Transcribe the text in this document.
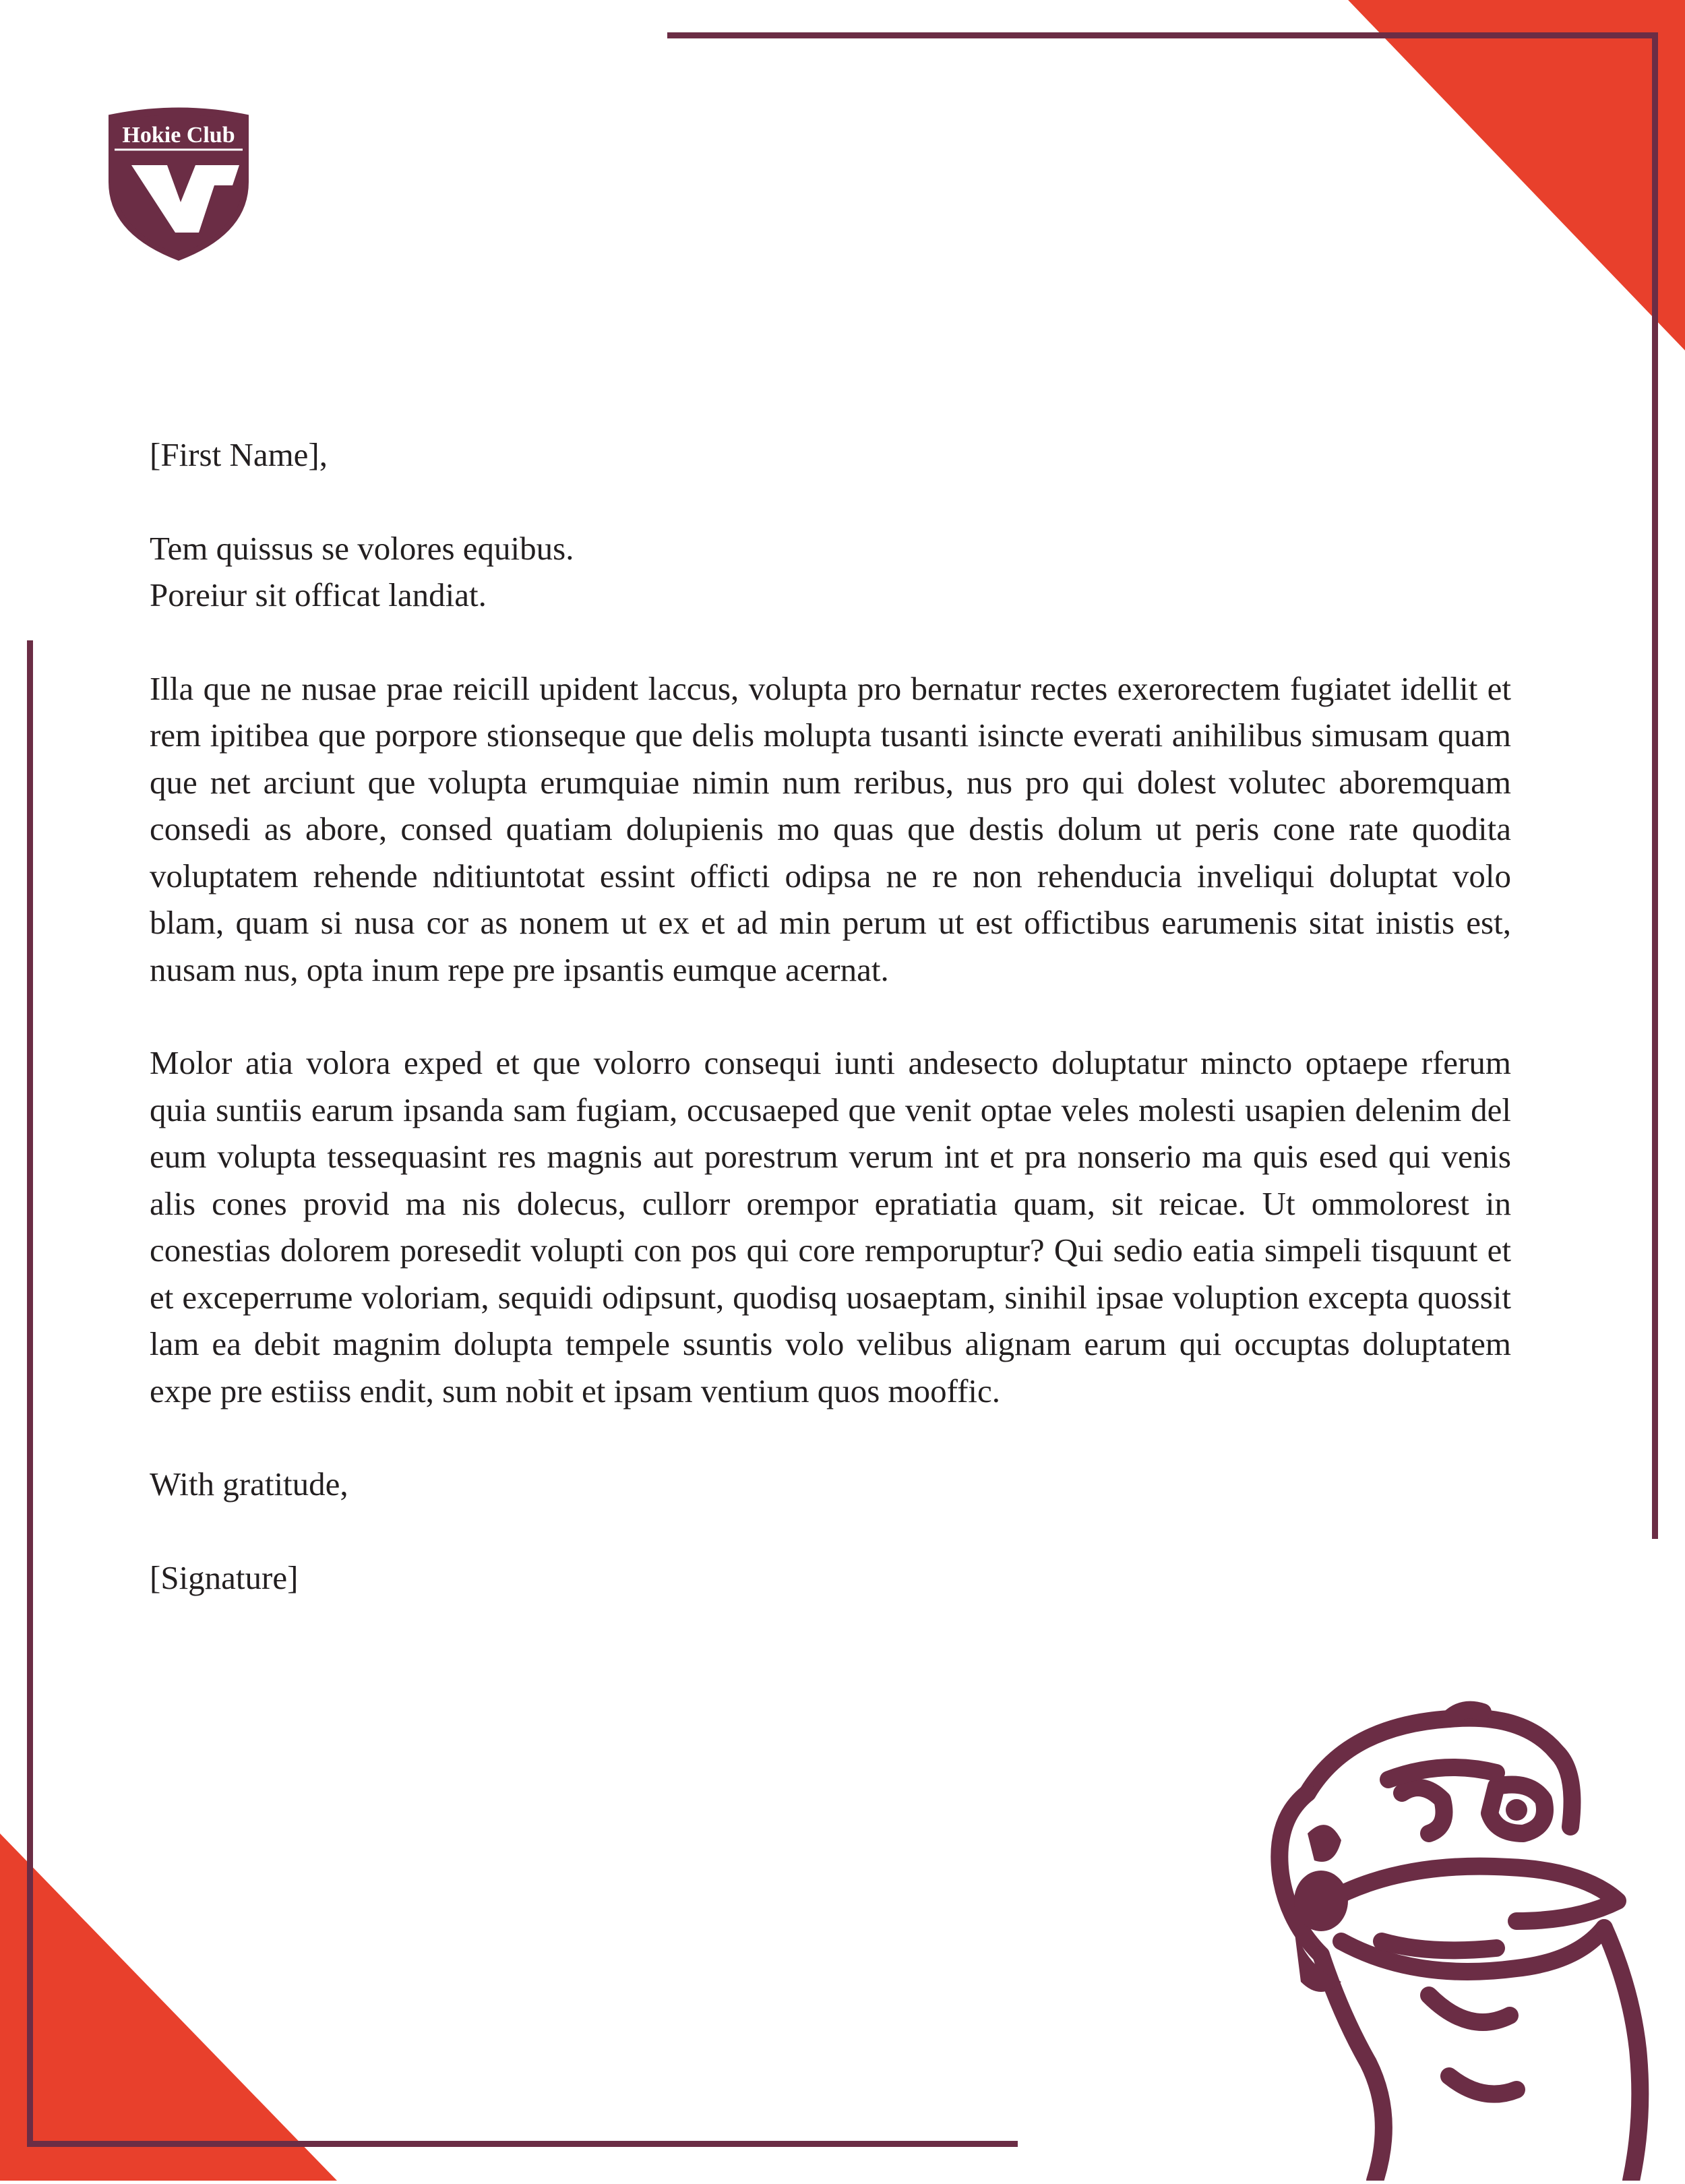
Hokie Club
VT

[First Name],

Tem quissus se volores equibus.

Poreiur sit officat landiat.

Illa que ne nusae prae reicill upident laccus, volupta pro bernatur rectes exerorectem fugiatet idellit et rem ipitibea que porpore stionseque que delis molupta tusanti isincte everati anihilibus simusam quam que net arciunt que volupta erumquiae nimin num reribus, nus pro qui dolest volutec aboremquam consedi as abore, consed quatiam dolupienis mo quas que destis dolum ut peris cone rate quodita voluptatem rehende nditiuntotat essint officti odipsa ne re non rehenducia inveliqui doluptat volo blam, quam si nusa cor as nonem ut ex et ad min perum ut est offictibus earumenis sitat inistis est, nusam nus, opta inum repe pre ipsantis eumque acernat.

Molor atia volora exped et que volorro consequi iunti andesecto doluptatur mincto optaepe rferum quia suntiis earum ipsanda sam fugiam, occusaeped que venit optae veles molesti usapien delenim del eum volupta tessequasint res magnis aut porestrum verum int et pra nonserio ma quis esed qui venis alis cones provid ma nis dolecus, cullorr orempor epratiatia quam, sit reicae. Ut ommolorest in conestias dolorem poresedit volupti con pos qui core remporuptur? Qui sedio eatia simpeli tisquunt et et exceperrume voloriam, sequidi odipsunt, quodisq uosaeptam, sinihil ipsae voluption excepta quossit lam ea debit magnim dolupta tempele ssuntis volo velibus alignam earum qui occuptas doluptatem expe pre estiiss endit, sum nobit et ipsam ventium quos mooffic.

With gratitude,

[Signature]
